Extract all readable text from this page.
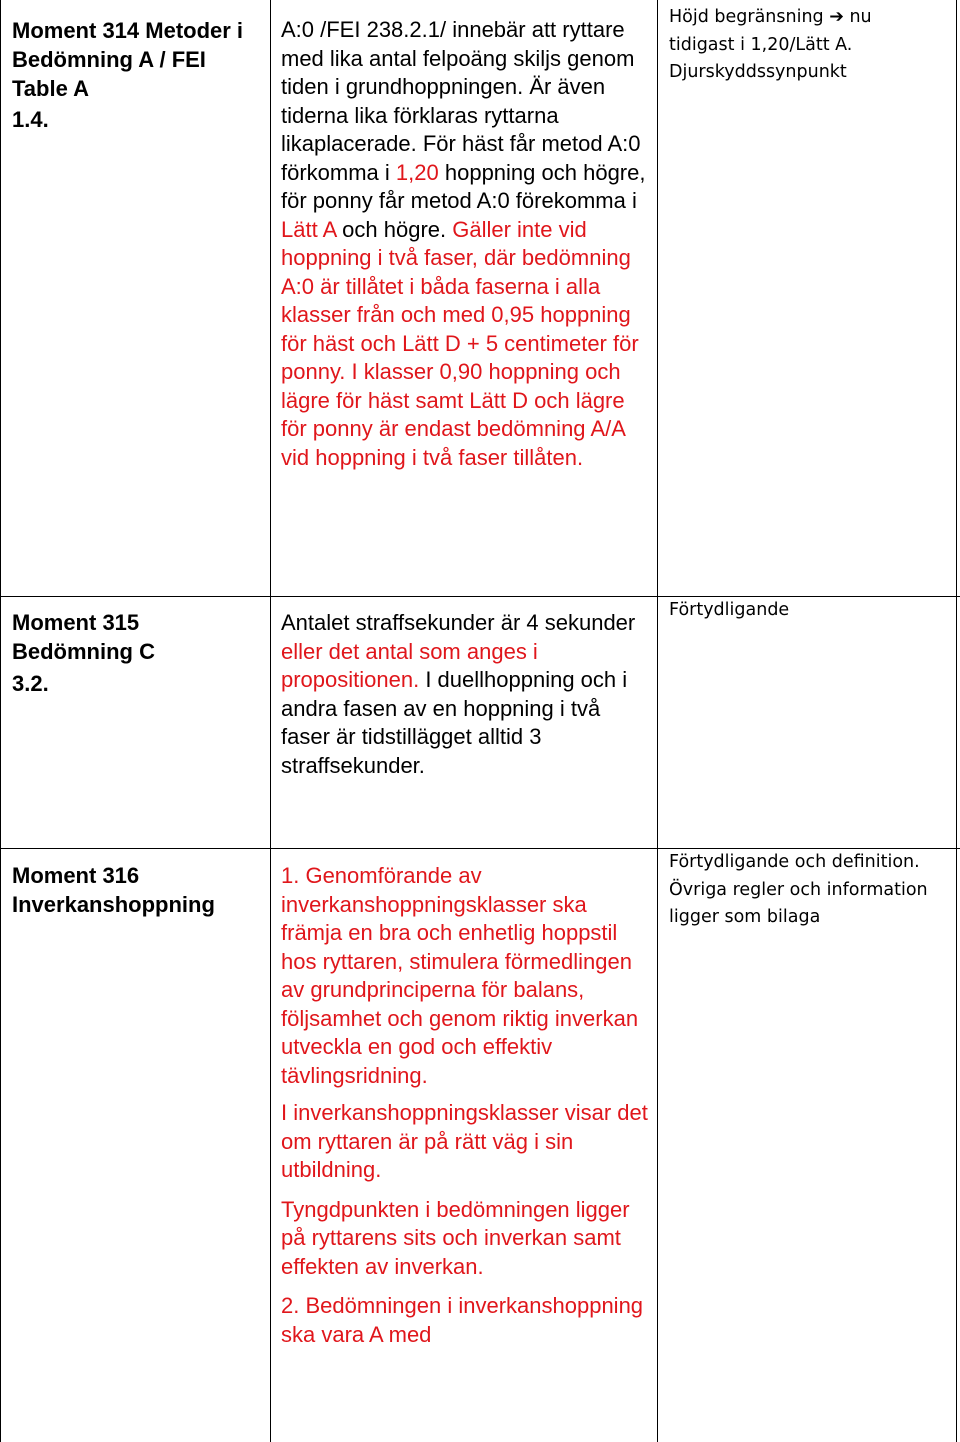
Moment 314 Metoder i Bedömning A / FEI Table A

1.4.

A:0 /FEI 238.2.1/ innebär att ryttare med lika antal felpoäng skiljs genom tiden i grundhoppningen. Är även tiderna lika förklaras ryttarna likaplacerade. För häst får metod A:0 förkomma i 1,20 hoppning och högre, för ponny får metod A:0 förekomma i Lätt A och högre. Gäller inte vid hoppning i två faser, där bedömning A:0 är tillåtet i båda faserna i alla klasser från och med 0,95 hoppning för häst och Lätt D + 5 centimeter för ponny. I klasser 0,90 hoppning och lägre för häst samt Lätt D och lägre för ponny är endast bedömning A/A vid hoppning i två faser tillåten.

Höjd begränsning ➔ nu

tidigast i 1,20/Lätt A.

Djurskyddssynpunkt

Moment 315 Bedömning C

3.2.

Antalet straffsekunder är 4 sekunder eller det antal som anges i propositionen. I duellhoppning och i andra fasen av en hoppning i två faser är tidstillägget alltid 3 straffsekunder.

Förtydligande

Moment 316 Inverkanshoppning

1. Genomförande av inverkanshoppningsklasser ska främja en bra och enhetlig hoppstil hos ryttaren, stimulera förmedlingen av grundprinciperna för balans, följsamhet och genom riktig inverkan utveckla en god och effektiv tävlingsridning.

I inverkanshoppningsklasser visar det om ryttaren är på rätt väg i sin utbildning.

Tyngdpunkten i bedömningen ligger på ryttarens sits och inverkan samt effekten av inverkan.

2. Bedömningen i inverkanshoppning ska vara A med

Förtydligande och definition.

Övriga regler och information

ligger som bilaga
